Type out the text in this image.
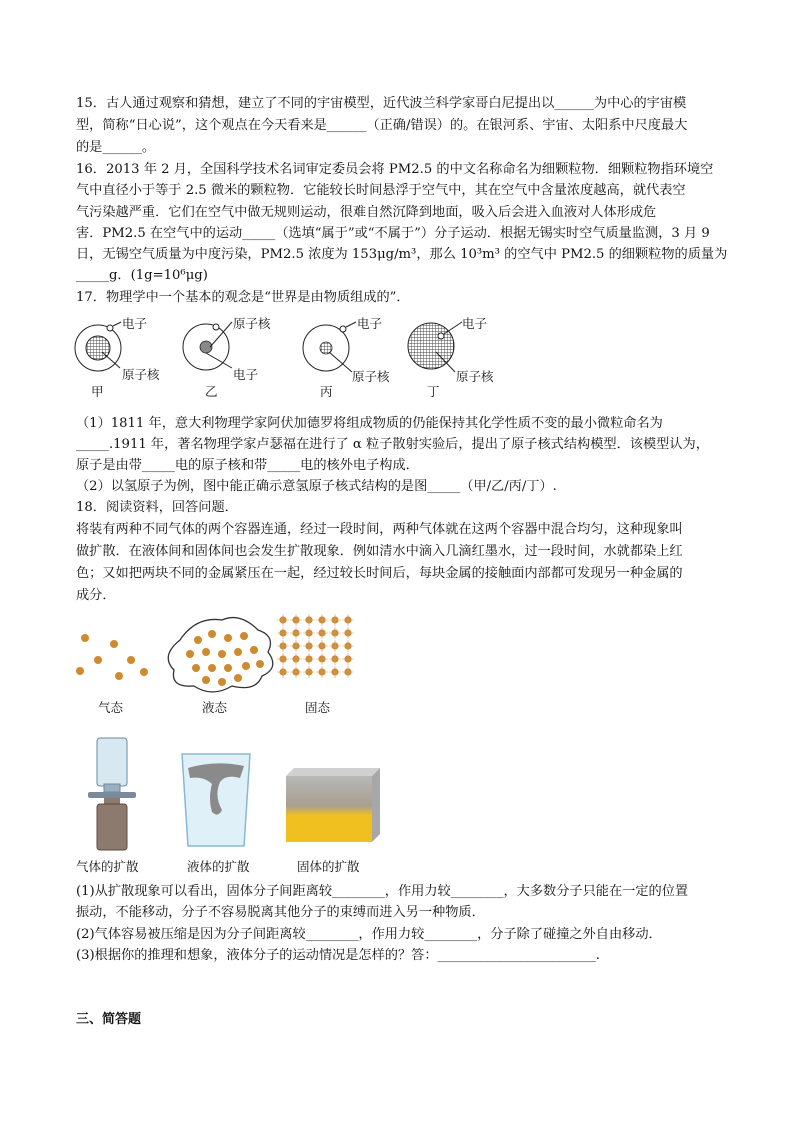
15．古人通过观察和猜想，建立了不同的宇宙模型，近代波兰科学家哥白尼提出以______为中心的宇宙模
型，简称“日心说”，这个观点在今天看来是______（正确/错误）的。在银河系、宇宙、太阳系中尺度最大
的是______。
16．2013 年 2 月，全国科学技术名词审定委员会将 PM2.5 的中文名称命名为细颗粒物．细颗粒物指环境空
气中直径小于等于 2.5 微米的颗粒物．它能较长时间悬浮于空气中，其在空气中含量浓度越高，就代表空
气污染越严重．它们在空气中做无规则运动，很难自然沉降到地面，吸入后会进入血液对人体形成危
害．PM2.5 在空气中的运动_____（选填“属于”或“不属于”）分子运动．根据无锡实时空气质量监测，3 月 9
日，无锡空气质量为中度污染，PM2.5 浓度为 153μg/m³，那么 10³m³ 的空气中 PM2.5 的细颗粒物的质量为
_____g．(1g=10⁶μg)
17．物理学中一个基本的观念是“世界是由物质组成的”．
电子
原子核
原子核
电子
电子
原子核
电子
原子核
甲	乙	丙	丁
（1）1811 年，意大利物理学家阿伏加德罗将组成物质的仍能保持其化学性质不变的最小微粒命名为
_____.1911 年，著名物理学家卢瑟福在进行了 α 粒子散射实验后，提出了原子核式结构模型．该模型认为，
原子是由带_____电的原子核和带_____电的核外电子构成．
（2）以氢原子为例，图中能正确示意氢原子核式结构的是图_____（甲/乙/丙/丁）.
18．阅读资料，回答问题．
将装有两种不同气体的两个容器连通，经过一段时间，两种气体就在这两个容器中混合均匀，这种现象叫
做扩散．在液体间和固体间也会发生扩散现象．例如清水中滴入几滴红墨水，过一段时间，水就都染上红
色；又如把两块不同的金属紧压在一起，经过较长时间后，每块金属的接触面内部都可发现另一种金属的
成分．
气态	液态	固态
气体的扩散	液体的扩散	固体的扩散
(1)从扩散现象可以看出，固体分子间距离较________，作用力较________，大多数分子只能在一定的位置
振动，不能移动，分子不容易脱离其他分子的束缚而进入另一种物质．
(2)气体容易被压缩是因为分子间距离较________，作用力较________，分子除了碰撞之外自由移动．
(3)根据你的推理和想象，液体分子的运动情况是怎样的？答：________________________.
三、简答题
